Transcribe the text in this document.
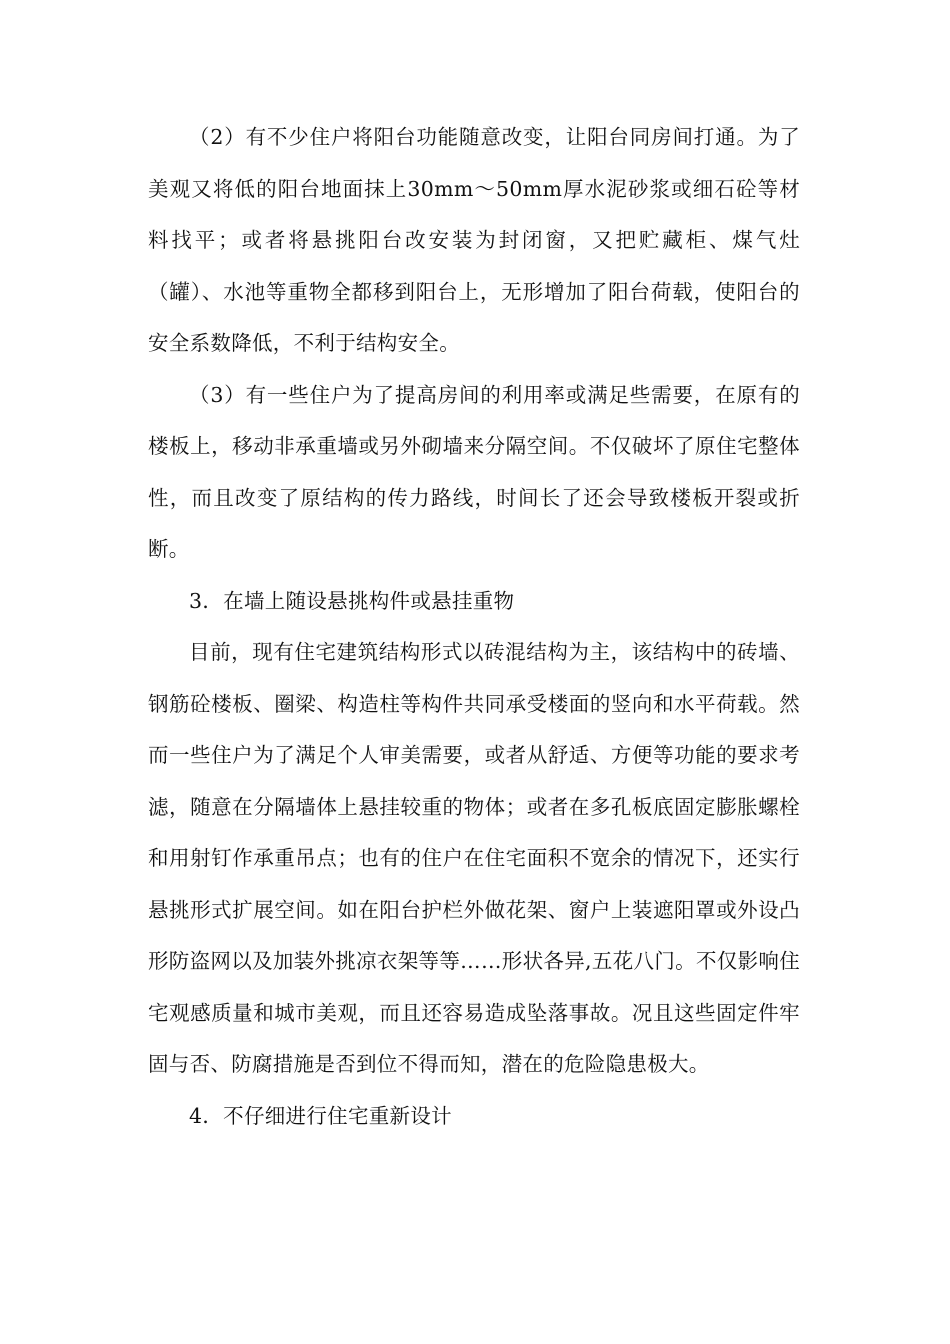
（2）有不少住户将阳台功能随意改变，让阳台同房间打通。为了美观又将低的阳台地面抹上30mm～50mm厚水泥砂浆或细石砼等材料找平；或者将悬挑阳台改安装为封闭窗，又把贮藏柜、煤气灶（罐）、水池等重物全都移到阳台上，无形增加了阳台荷载，使阳台的安全系数降低，不利于结构安全。

（3）有一些住户为了提高房间的利用率或满足些需要，在原有的楼板上，移动非承重墙或另外砌墙来分隔空间。不仅破坏了原住宅整体性，而且改变了原结构的传力路线，时间长了还会导致楼板开裂或折断。

3．在墙上随设悬挑构件或悬挂重物

目前，现有住宅建筑结构形式以砖混结构为主，该结构中的砖墙、钢筋砼楼板、圈梁、构造柱等构件共同承受楼面的竖向和水平荷载。然而一些住户为了满足个人审美需要，或者从舒适、方便等功能的要求考滤，随意在分隔墙体上悬挂较重的物体；或者在多孔板底固定膨胀螺栓和用射钉作承重吊点；也有的住户在住宅面积不宽余的情况下，还实行悬挑形式扩展空间。如在阳台护栏外做花架、窗户上装遮阳罩或外设凸形防盗网以及加装外挑凉衣架等等……形状各异,五花八门。不仅影响住宅观感质量和城市美观，而且还容易造成坠落事故。况且这些固定件牢固与否、防腐措施是否到位不得而知，潜在的危险隐患极大。

4．不仔细进行住宅重新设计
